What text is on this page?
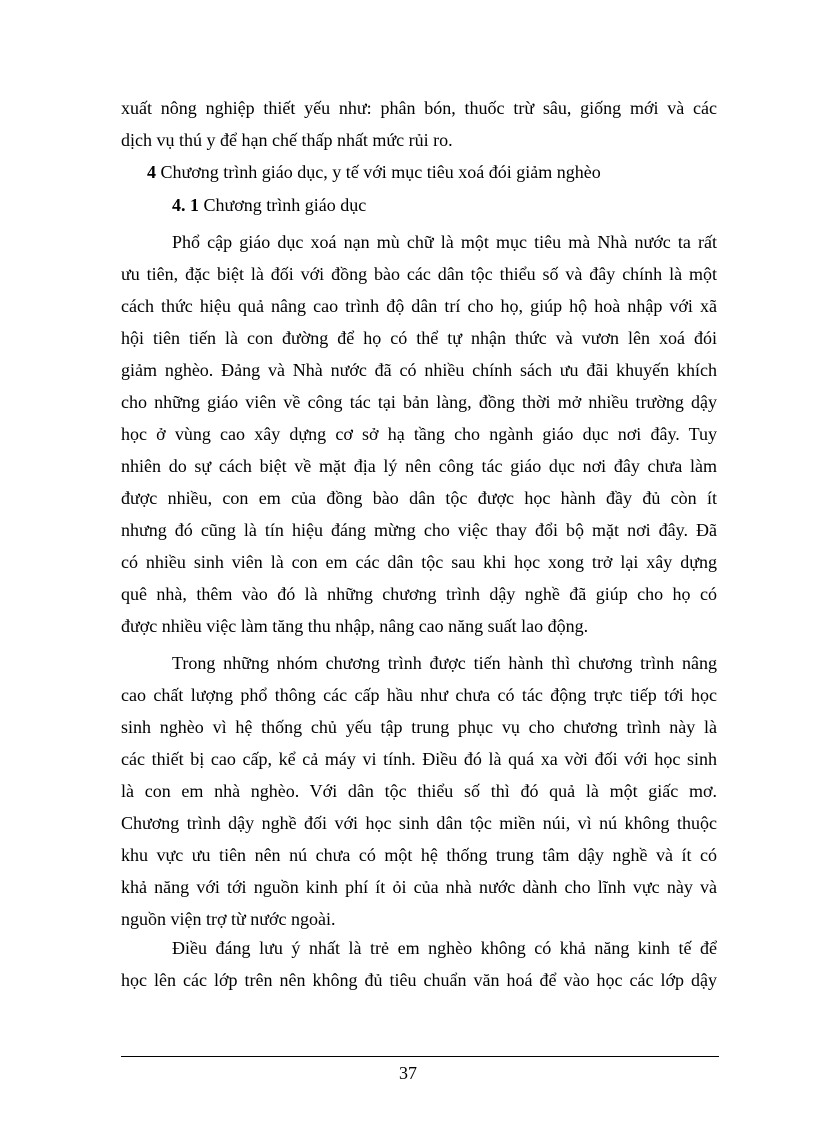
xuất nông nghiệp thiết yếu như: phân bón, thuốc trừ sâu, giống mới và các
dịch vụ thú y để hạn chế thấp nhất mức rủi ro.
4 Chương trình giáo dục, y tế với mục tiêu xoá đói giảm nghèo
4. 1 Chương trình giáo dục
Phổ cập giáo dục xoá nạn mù chữ là một mục tiêu mà Nhà nước ta rất
ưu tiên, đặc biệt là đối với đồng bào các dân tộc thiểu số và đây chính là một
cách thức hiệu quả nâng cao trình độ dân trí cho họ, giúp hộ hoà nhập với xã
hội tiên tiến là con đường để họ có thể tự nhận thức và vươn lên xoá đói
giảm nghèo. Đảng và Nhà nước đã có nhiều chính sách ưu đãi khuyến khích
cho những giáo viên về công tác tại bản làng, đồng thời mở nhiều trường dậy
học ở vùng cao xây dựng cơ sở hạ tầng cho ngành giáo dục nơi đây. Tuy
nhiên do sự cách biệt về mặt địa lý nên công tác giáo dục nơi đây chưa làm
được nhiều, con em của đồng bào dân tộc được học hành đầy đủ còn ít
nhưng đó cũng là tín hiệu đáng mừng cho việc thay đổi bộ mặt nơi đây. Đã
có nhiều sinh viên là con em các dân tộc sau khi học xong trở lại xây dựng
quê nhà, thêm vào đó là những chương trình dậy nghề đã giúp cho họ có
được nhiều việc làm tăng thu nhập, nâng cao năng suất lao động.
Trong những nhóm chương trình được tiến hành thì chương trình nâng
cao chất lượng phổ thông các cấp hầu như chưa có tác động trực tiếp tới học
sinh nghèo vì hệ thống chủ yếu tập trung phục vụ cho chương trình này là
các thiết bị cao cấp, kể cả máy vi tính. Điều đó là quá xa vời đối với học sinh
là con em nhà nghèo. Với dân tộc thiểu số thì đó quả là một giấc mơ.
Chương trình dậy nghề đối với học sinh dân tộc miền núi, vì nú không thuộc
khu vực ưu tiên nên nú chưa có một hệ thống trung tâm dậy nghề và ít có
khả năng với tới nguồn kinh phí ít ỏi của nhà nước dành cho lĩnh vực này và
nguồn viện trợ từ nước ngoài.
Điều đáng lưu ý nhất là trẻ em nghèo không có khả năng kinh tế để
học lên các lớp trên nên không đủ tiêu chuẩn văn hoá để vào học các lớp dậy
37
